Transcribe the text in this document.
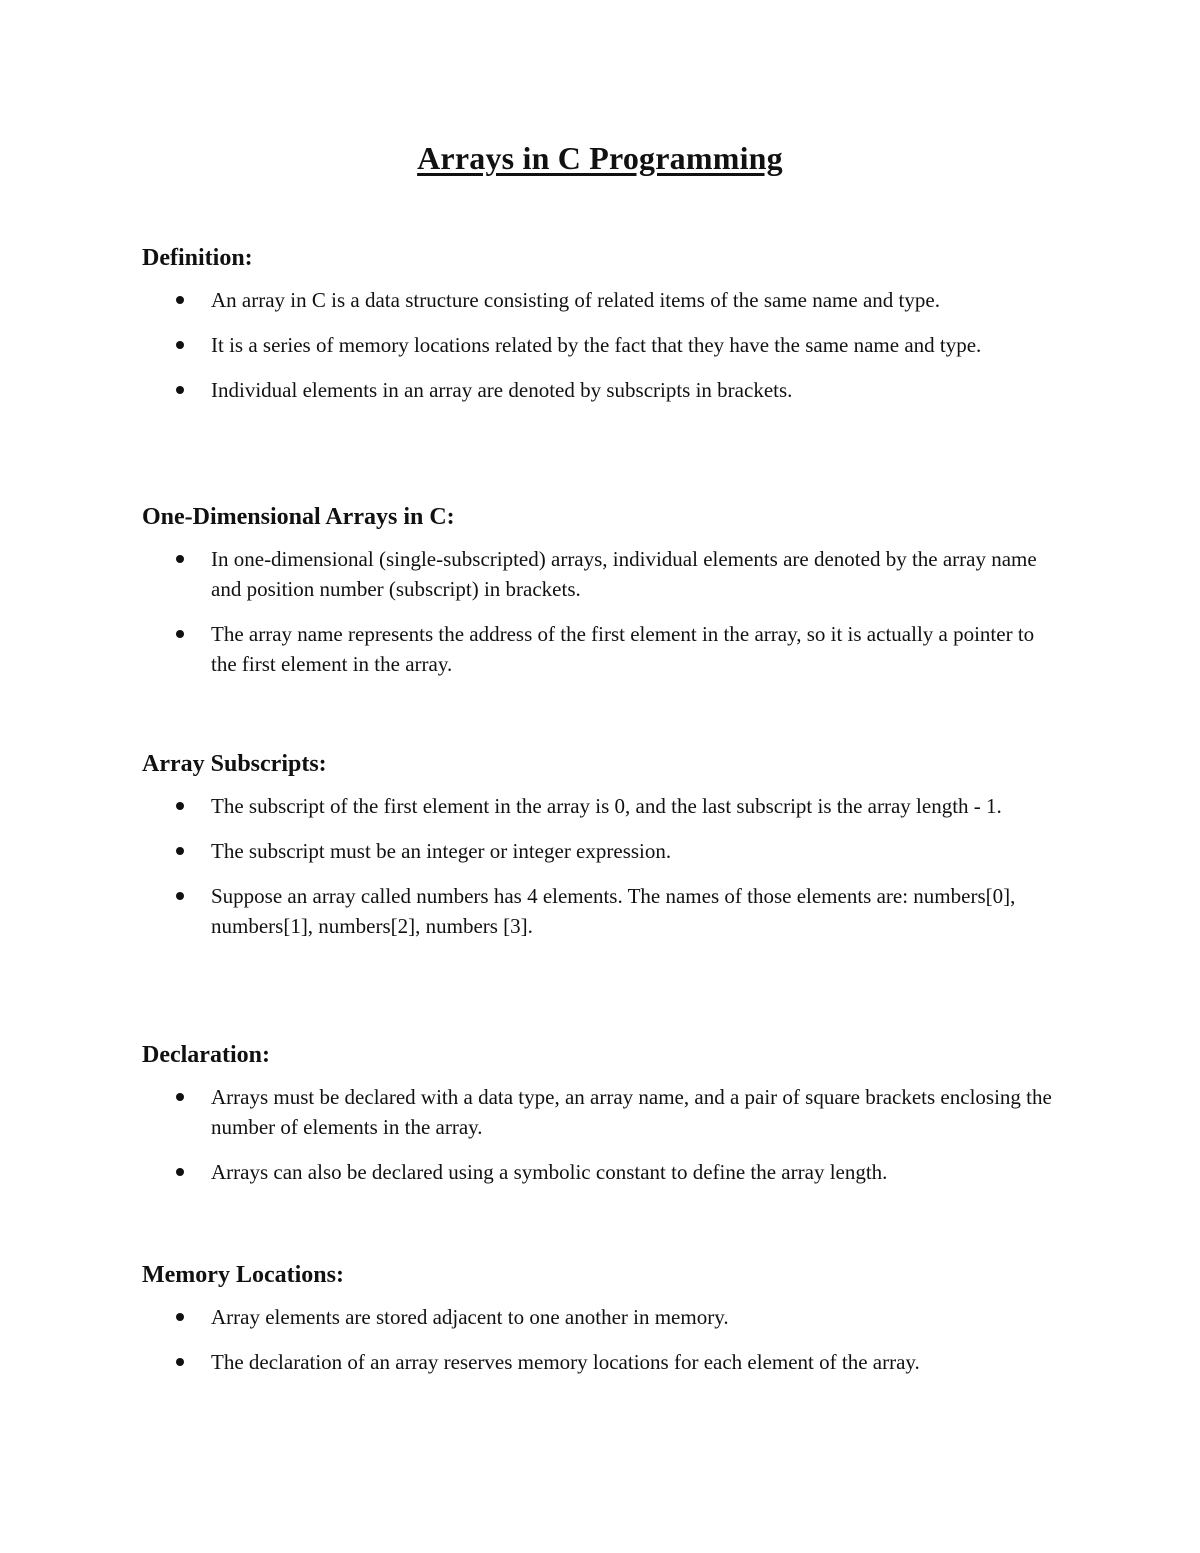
Arrays in C Programming
Definition:
An array in C is a data structure consisting of related items of the same name and type.
It is a series of memory locations related by the fact that they have the same name and type.
Individual elements in an array are denoted by subscripts in brackets.
One-Dimensional Arrays in C:
In one-dimensional (single-subscripted) arrays, individual elements are denoted by the array name and position number (subscript) in brackets.
The array name represents the address of the first element in the array, so it is actually a pointer to the first element in the array.
Array Subscripts:
The subscript of the first element in the array is 0, and the last subscript is the array length - 1.
The subscript must be an integer or integer expression.
Suppose an array called numbers has 4 elements. The names of those elements are: numbers[0], numbers[1], numbers[2], numbers [3].
Declaration:
Arrays must be declared with a data type, an array name, and a pair of square brackets enclosing the number of elements in the array.
Arrays can also be declared using a symbolic constant to define the array length.
Memory Locations:
Array elements are stored adjacent to one another in memory.
The declaration of an array reserves memory locations for each element of the array.
